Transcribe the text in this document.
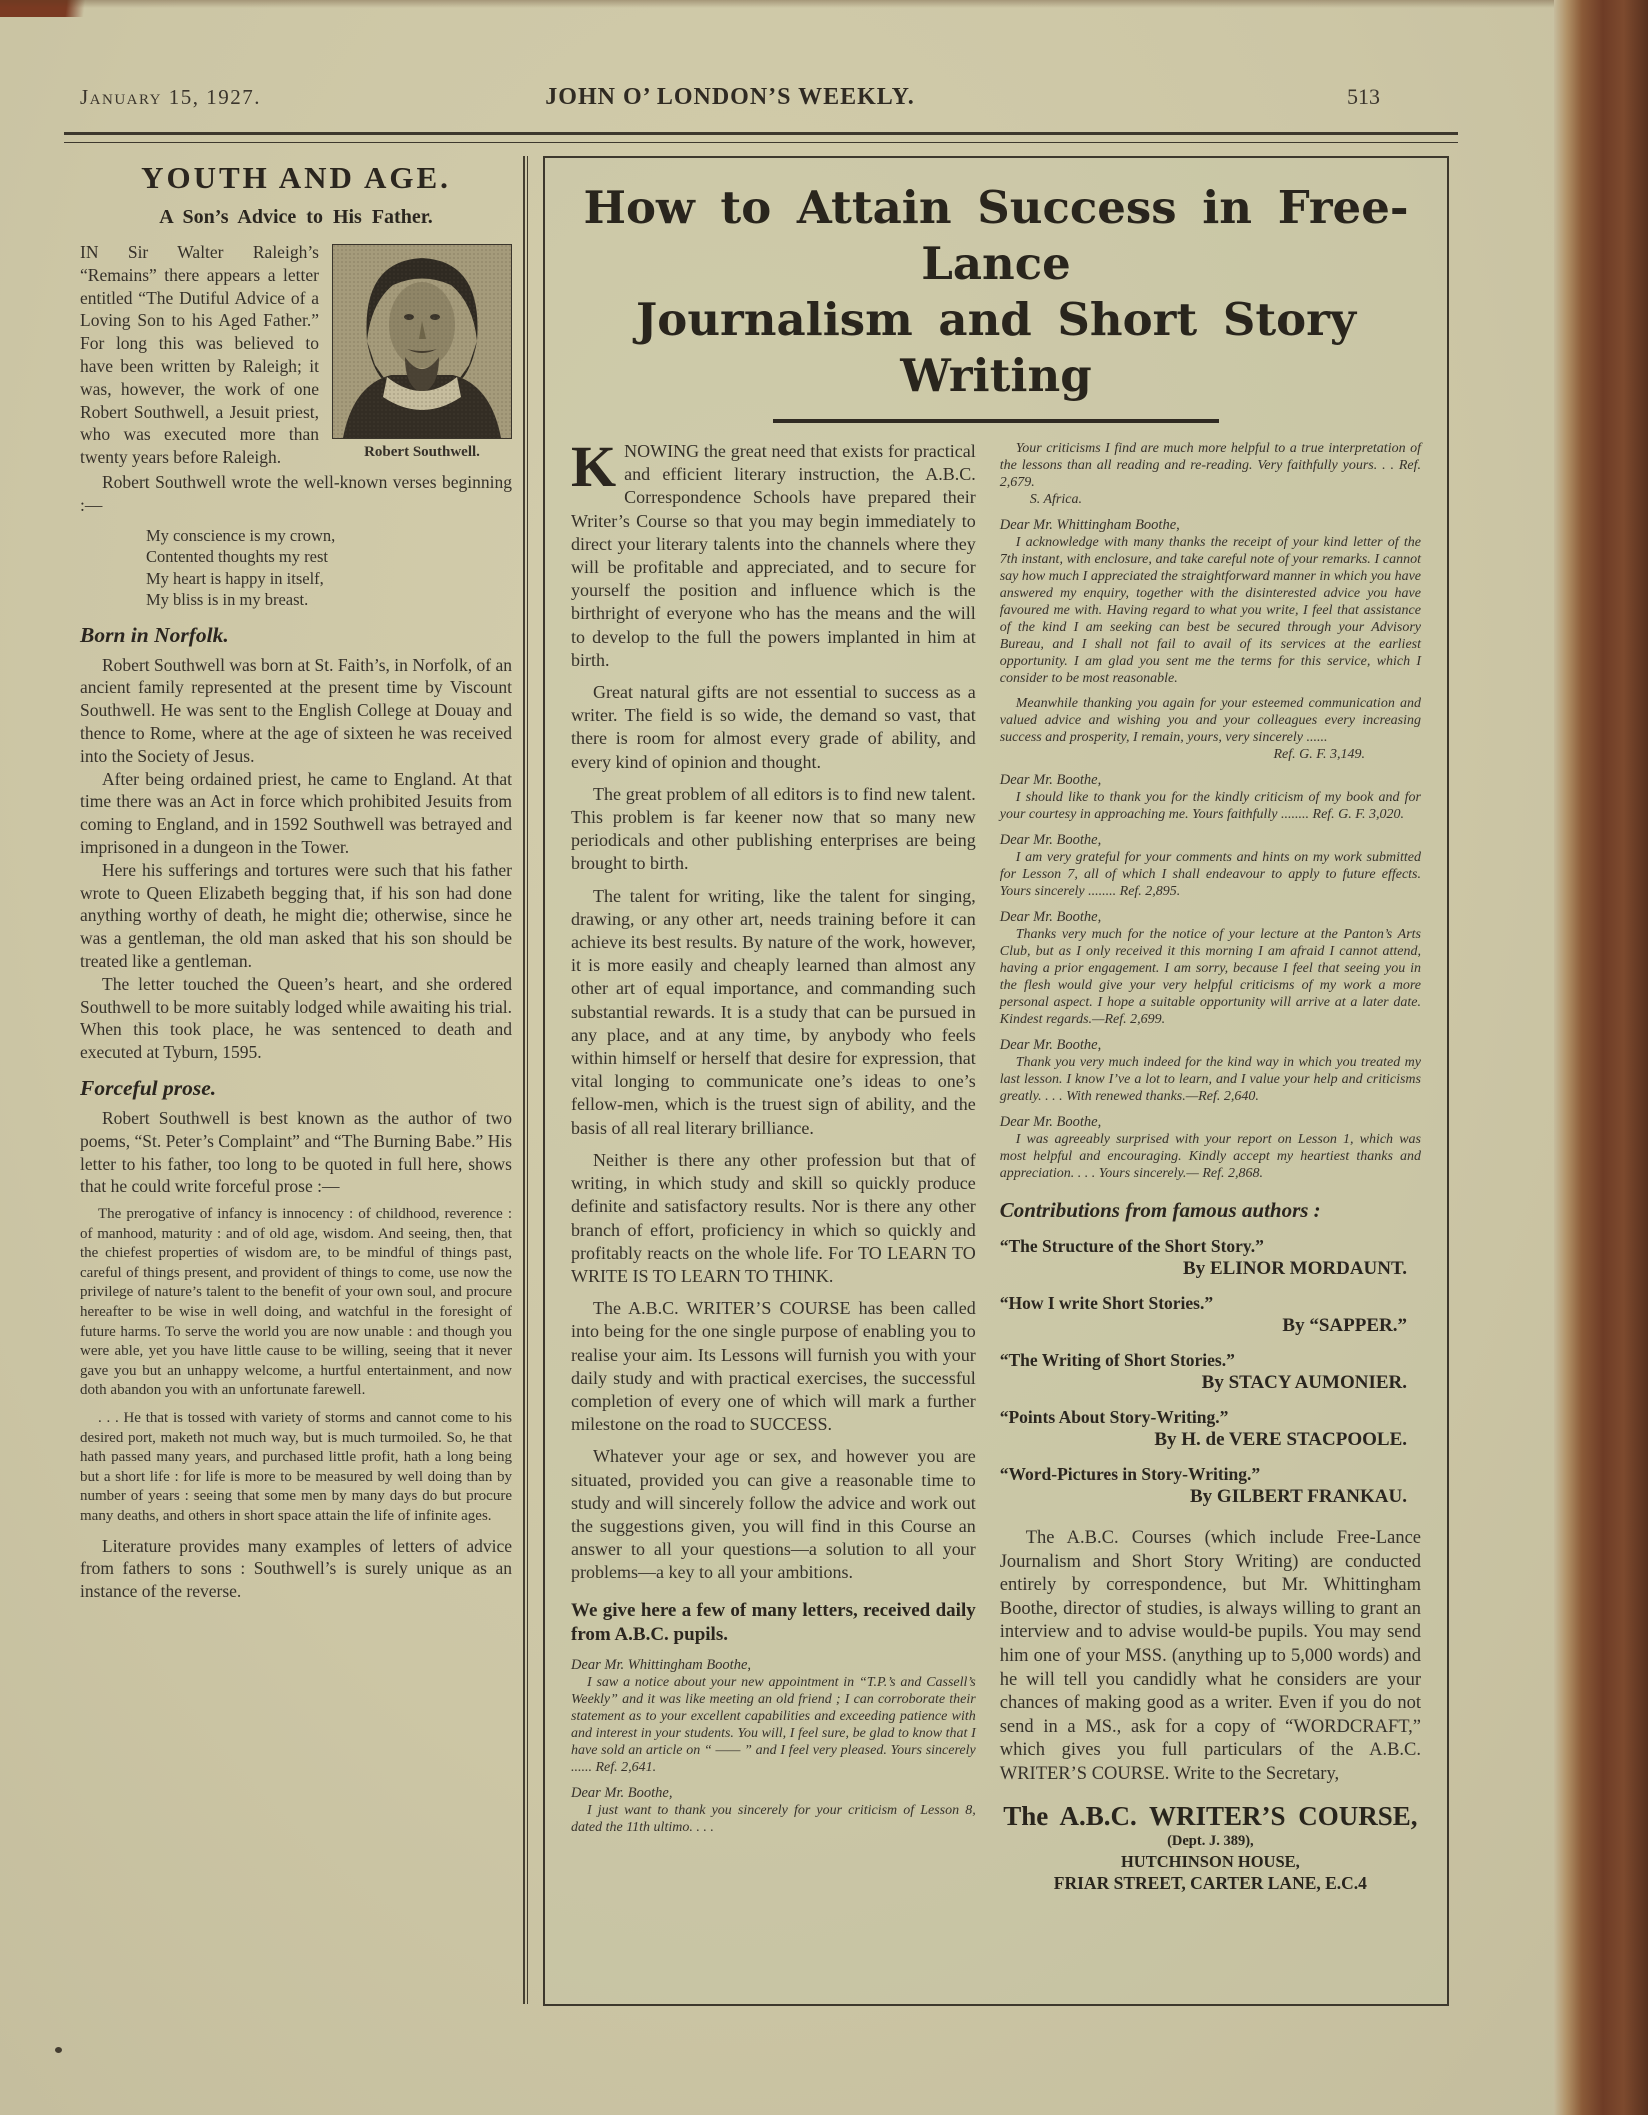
January 15, 1927.	JOHN O’ LONDON’S WEEKLY.	513
YOUTH AND AGE.
A Son’s Advice to His Father.
Robert Southwell.

IN Sir Walter Raleigh’s “Remains” there appears a letter entitled “The Dutiful Advice of a Loving Son to his Aged Father.” For long this was believed to have been written by Raleigh; it was, however, the work of one Robert Southwell, a Jesuit priest, who was executed more than twenty years before Raleigh.

Robert Southwell wrote the well-known verses beginning :—

My conscience is my crown,
Contented thoughts my rest
My heart is happy in itself,
My bliss is in my breast.
Born in Norfolk.

Robert Southwell was born at St. Faith’s, in Norfolk, of an ancient family represented at the present time by Viscount Southwell. He was sent to the English College at Douay and thence to Rome, where at the age of sixteen he was received into the Society of Jesus.

After being ordained priest, he came to England. At that time there was an Act in force which prohibited Jesuits from coming to England, and in 1592 Southwell was betrayed and imprisoned in a dungeon in the Tower.

Here his sufferings and tortures were such that his father wrote to Queen Elizabeth begging that, if his son had done anything worthy of death, he might die; otherwise, since he was a gentleman, the old man asked that his son should be treated like a gentleman.

The letter touched the Queen’s heart, and she ordered Southwell to be more suitably lodged while awaiting his trial. When this took place, he was sentenced to death and executed at Tyburn, 1595.

Forceful prose.

Robert Southwell is best known as the author of two poems, “St. Peter’s Complaint” and “The Burning Babe.” His letter to his father, too long to be quoted in full here, shows that he could write forceful prose :—

The prerogative of infancy is innocency : of childhood, reverence : of manhood, maturity : and of old age, wisdom. And seeing, then, that the chiefest properties of wisdom are, to be mindful of things past, careful of things present, and provident of things to come, use now the privilege of nature’s talent to the benefit of your own soul, and procure hereafter to be wise in well doing, and watchful in the foresight of future harms. To serve the world you are now unable : and though you were able, yet you have little cause to be willing, seeing that it never gave you but an unhappy welcome, a hurtful entertainment, and now doth abandon you with an unfortunate farewell.

. . . He that is tossed with variety of storms and cannot come to his desired port, maketh not much way, but is much turmoiled. So, he that hath passed many years, and purchased little profit, hath a long being but a short life : for life is more to be measured by well doing than by number of years : seeing that some men by many days do but procure many deaths, and others in short space attain the life of infinite ages.

Literature provides many examples of letters of advice from fathers to sons : Southwell’s is surely unique as an instance of the reverse.

How to Attain Success in Free-Lance
Journalism and Short Story Writing

KNOWING the great need that exists for practical and efficient literary instruction, the A.B.C. Correspondence Schools have prepared their Writer’s Course so that you may begin immediately to direct your literary talents into the channels where they will be profitable and appreciated, and to secure for yourself the position and influence which is the birthright of everyone who has the means and the will to develop to the full the powers implanted in him at birth.

Great natural gifts are not essential to success as a writer. The field is so wide, the demand so vast, that there is room for almost every grade of ability, and every kind of opinion and thought.

The great problem of all editors is to find new talent. This problem is far keener now that so many new periodicals and other publishing enterprises are being brought to birth.

The talent for writing, like the talent for singing, drawing, or any other art, needs training before it can achieve its best results. By nature of the work, however, it is more easily and cheaply learned than almost any other art of equal importance, and commanding such substantial rewards. It is a study that can be pursued in any place, and at any time, by anybody who feels within himself or herself that desire for expression, that vital longing to communicate one’s ideas to one’s fellow-men, which is the truest sign of ability, and the basis of all real literary brilliance.

Neither is there any other profession but that of writing, in which study and skill so quickly produce definite and satisfactory results. Nor is there any other branch of effort, proficiency in which so quickly and profitably reacts on the whole life. For TO LEARN TO WRITE IS TO LEARN TO THINK.

The A.B.C. WRITER’S COURSE has been called into being for the one single purpose of enabling you to realise your aim. Its Lessons will furnish you with your daily study and with practical exercises, the successful completion of every one of which will mark a further milestone on the road to SUCCESS.

Whatever your age or sex, and however you are situated, provided you can give a reasonable time to study and will sincerely follow the advice and work out the suggestions given, you will find in this Course an answer to all your questions—a solution to all your problems—a key to all your ambitions.

We give here a few of many letters, received daily from A.B.C. pupils.
Dear Mr. Whittingham Boothe,

I saw a notice about your new appointment in “T.P.’s and Cassell’s Weekly” and it was like meeting an old friend ; I can corroborate their statement as to your excellent capabilities and exceeding patience with and interest in your students. You will, I feel sure, be glad to know that I have sold an article on “ —— ” and I feel very pleased. Yours sincerely ...... Ref. 2,641.

Dear Mr. Boothe,

I just want to thank you sincerely for your criticism of Lesson 8, dated the 11th ultimo. . . .

Your criticisms I find are much more helpful to a true interpretation of the lessons than all reading and re-reading. Very faithfully yours. . . Ref. 2,679.

S. Africa.
Dear Mr. Whittingham Boothe,

I acknowledge with many thanks the receipt of your kind letter of the 7th instant, with enclosure, and take careful note of your remarks. I cannot say how much I appreciated the straightforward manner in which you have answered my enquiry, together with the disinterested advice you have favoured me with. Having regard to what you write, I feel that assistance of the kind I am seeking can best be secured through your Advisory Bureau, and I shall not fail to avail of its services at the earliest opportunity. I am glad you sent me the terms for this service, which I consider to be most reasonable.

Meanwhile thanking you again for your esteemed communication and valued advice and wishing you and your colleagues every increasing success and prosperity, I remain, yours, very sincerely ......

Ref. G. F. 3,149.
Dear Mr. Boothe,

I should like to thank you for the kindly criticism of my book and for your courtesy in approaching me. Yours faithfully ........ Ref. G. F. 3,020.

Dear Mr. Boothe,

I am very grateful for your comments and hints on my work submitted for Lesson 7, all of which I shall endeavour to apply to future effects. Yours sincerely ........ Ref. 2,895.

Dear Mr. Boothe,

Thanks very much for the notice of your lecture at the Panton’s Arts Club, but as I only received it this morning I am afraid I cannot attend, having a prior engagement. I am sorry, because I feel that seeing you in the flesh would give your very helpful criticisms of my work a more personal aspect. I hope a suitable opportunity will arrive at a later date. Kindest regards.—Ref. 2,699.

Dear Mr. Boothe,

Thank you very much indeed for the kind way in which you treated my last lesson. I know I’ve a lot to learn, and I value your help and criticisms greatly. . . . With renewed thanks.—Ref. 2,640.

Dear Mr. Boothe,

I was agreeably surprised with your report on Lesson 1, which was most helpful and encouraging. Kindly accept my heartiest thanks and appreciation. . . . Yours sincerely.— Ref. 2,868.

Contributions from famous authors :
“The Structure of the Short Story.”
By ELINOR MORDAUNT.
“How I write Short Stories.”
By “SAPPER.”
“The Writing of Short Stories.”
By STACY AUMONIER.
“Points About Story-Writing.”
By H. de VERE STACPOOLE.
“Word-Pictures in Story-Writing.”
By GILBERT FRANKAU.

The A.B.C. Courses (which include Free-Lance Journalism and Short Story Writing) are conducted entirely by correspondence, but Mr. Whittingham Boothe, director of studies, is always willing to grant an interview and to advise would-be pupils. You may send him one of your MSS. (anything up to 5,000 words) and he will tell you candidly what he considers are your chances of making good as a writer. Even if you do not send in a MS., ask for a copy of “WORDCRAFT,” which gives you full particulars of the A.B.C. WRITER’S COURSE. Write to the Secretary,

The A.B.C. WRITER’S COURSE,
(Dept. J. 389),
HUTCHINSON HOUSE,
FRIAR STREET, CARTER LANE, E.C.4
